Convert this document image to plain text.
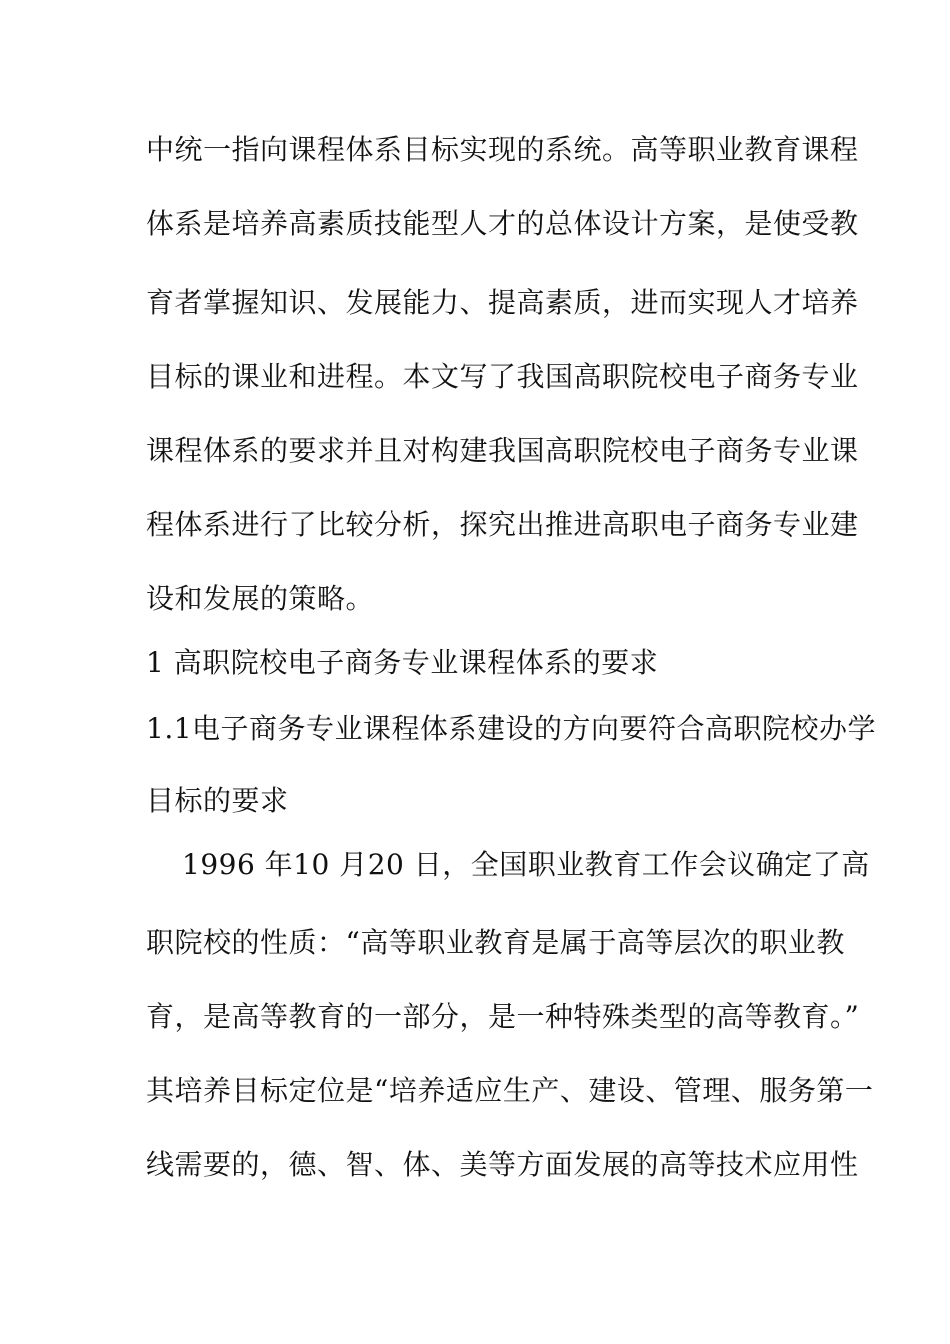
中统一指向课程体系目标实现的系统。高等职业教育课程
体系是培养高素质技能型人才的总体设计方案，是使受教
育者掌握知识、发展能力、提高素质，进而实现人才培养
目标的课业和进程。本文写了我国高职院校电子商务专业
课程体系的要求并且对构建我国高职院校电子商务专业课
程体系进行了比较分析，探究出推进高职电子商务专业建
设和发展的策略。
1 高职院校电子商务专业课程体系的要求
1.1电子商务专业课程体系建设的方向要符合高职院校办学
目标的要求
1996 年10 月20 日，全国职业教育工作会议确定了高
职院校的性质：“高等职业教育是属于高等层次的职业教
育，是高等教育的一部分，是一种特殊类型的高等教育。”
其培养目标定位是“培养适应生产、建设、管理、服务第一
线需要的，德、智、体、美等方面发展的高等技术应用性
